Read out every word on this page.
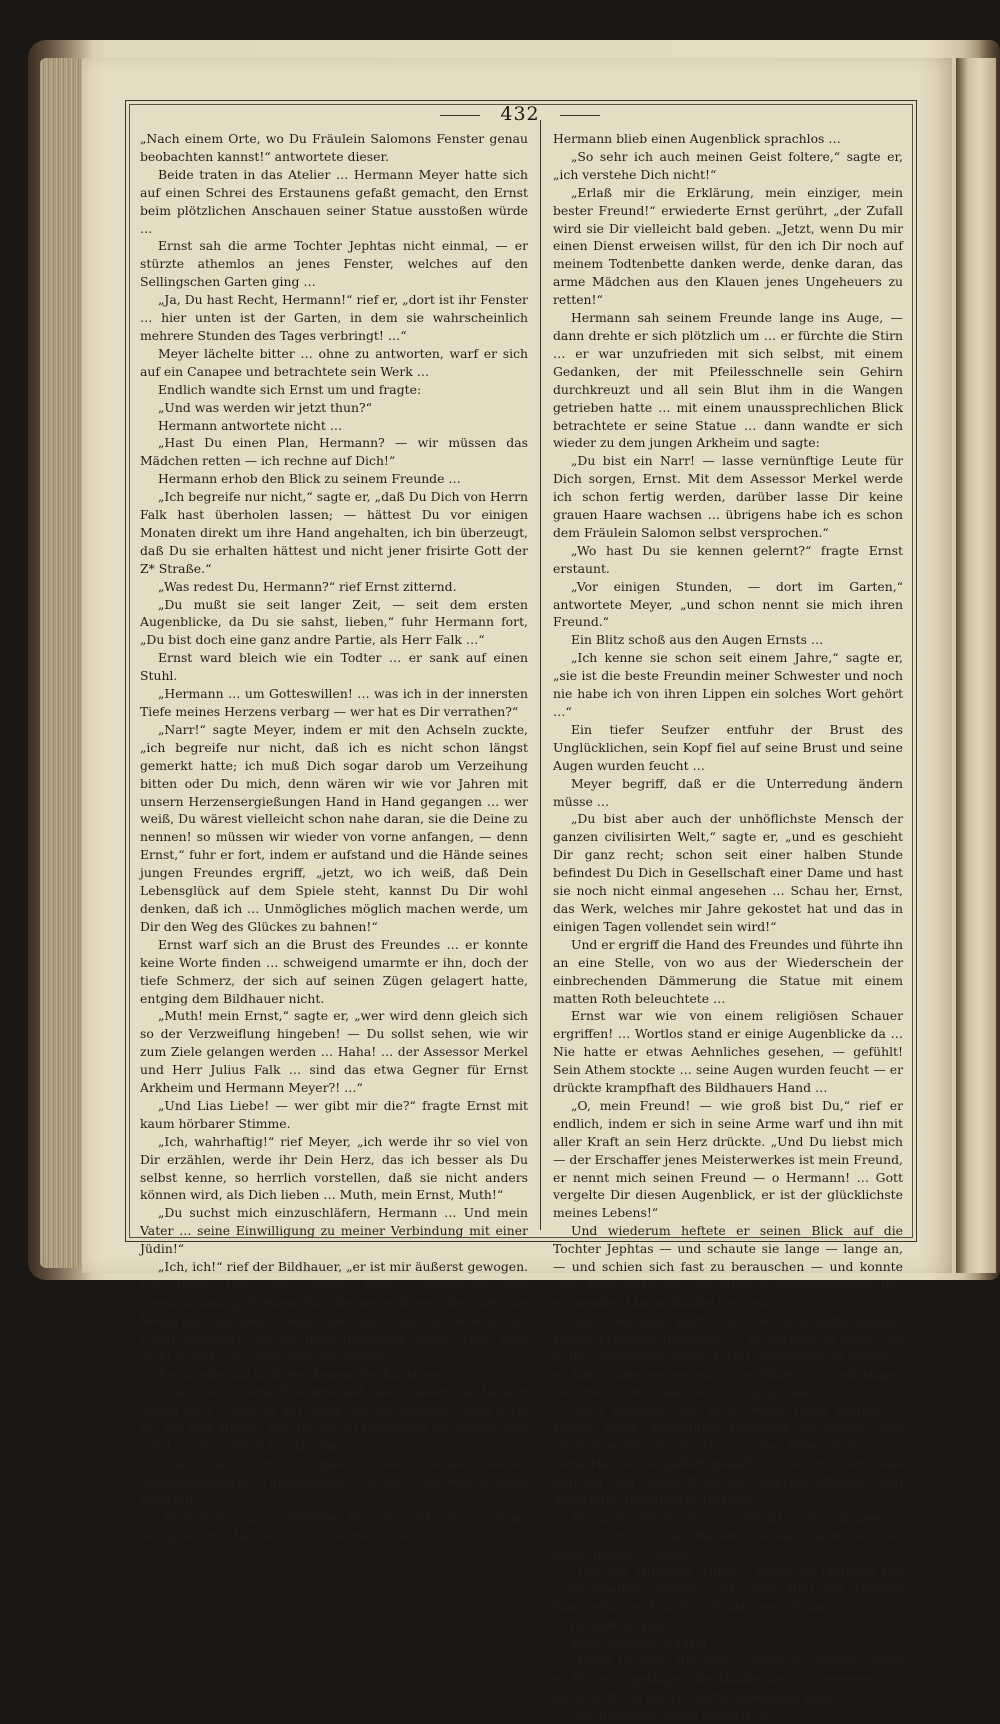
432

„Nach einem Orte, wo Du Fräulein Salomons Fenster genau beobachten kannst!“ antwortete dieser.

Beide traten in das Atelier … Hermann Meyer hatte sich auf einen Schrei des Erstaunens gefaßt gemacht, den Ernst beim plötzlichen Anschauen seiner Statue ausstoßen würde …

Ernst sah die arme Tochter Jephtas nicht einmal, — er stürzte athemlos an jenes Fenster, welches auf den Sellingschen Garten ging …

„Ja, Du hast Recht, Hermann!“ rief er, „dort ist ihr Fenster … hier unten ist der Garten, in dem sie wahrscheinlich mehrere Stunden des Tages verbringt! …“

Meyer lächelte bitter … ohne zu antworten, warf er sich auf ein Canapee und betrachtete sein Werk …

Endlich wandte sich Ernst um und fragte:

„Und was werden wir jetzt thun?“

Hermann antwortete nicht …

„Hast Du einen Plan, Hermann? — wir müssen das Mädchen retten — ich rechne auf Dich!“

Hermann erhob den Blick zu seinem Freunde …

„Ich begreife nur nicht,“ sagte er, „daß Du Dich von Herrn Falk hast überholen lassen; — hättest Du vor einigen Monaten direkt um ihre Hand angehalten, ich bin überzeugt, daß Du sie erhalten hättest und nicht jener frisirte Gott der Z* Straße.“

„Was redest Du, Hermann?“ rief Ernst zitternd.

„Du mußt sie seit langer Zeit, — seit dem ersten Augenblicke, da Du sie sahst, lieben,“ fuhr Hermann fort, „Du bist doch eine ganz andre Partie, als Herr Falk …“

Ernst ward bleich wie ein Todter … er sank auf einen Stuhl.

„Hermann … um Gotteswillen! … was ich in der innersten Tiefe meines Herzens verbarg — wer hat es Dir verrathen?“

„Narr!“ sagte Meyer, indem er mit den Achseln zuckte, „ich begreife nur nicht, daß ich es nicht schon längst gemerkt hatte; ich muß Dich sogar darob um Verzeihung bitten oder Du mich, denn wären wir wie vor Jahren mit unsern Herzensergießungen Hand in Hand gegangen … wer weiß, Du wärest vielleicht schon nahe daran, sie die Deine zu nennen! so müssen wir wieder von vorne anfangen, — denn Ernst,“ fuhr er fort, indem er aufstand und die Hände seines jungen Freundes ergriff, „jetzt, wo ich weiß, daß Dein Lebensglück auf dem Spiele steht, kannst Du Dir wohl denken, daß ich … Unmögliches möglich machen werde, um Dir den Weg des Glückes zu bahnen!“

Ernst warf sich an die Brust des Freundes … er konnte keine Worte finden … schweigend umarmte er ihn, doch der tiefe Schmerz, der sich auf seinen Zügen gelagert hatte, entging dem Bildhauer nicht.

„Muth! mein Ernst,“ sagte er, „wer wird denn gleich sich so der Verzweiflung hingeben! — Du sollst sehen, wie wir zum Ziele gelangen werden … Haha! … der Assessor Merkel und Herr Julius Falk … sind das etwa Gegner für Ernst Arkheim und Hermann Meyer?! …“

„Und Lias Liebe! — wer gibt mir die?“ fragte Ernst mit kaum hörbarer Stimme.

„Ich, wahrhaftig!“ rief Meyer, „ich werde ihr so viel von Dir erzählen, werde ihr Dein Herz, das ich besser als Du selbst kenne, so herrlich vorstellen, daß sie nicht anders können wird, als Dich lieben … Muth, mein Ernst, Muth!“

„Du suchst mich einzuschläfern, Hermann … Und mein Vater … seine Einwilligung zu meiner Verbindung mit einer Jüdin!“

„Ich, ich!“ rief der Bildhauer, „er ist mir äußerst gewogen. Ich halte ihm eine lange Rede, verspreche ihm vierundzwanzig Statuen für die neue Börse, die alle wie Menschen aussehen sollen, aber nicht wie die, welche das Lokal bevölkern. So sei doch gescheidt, Ernst! rege Dich nicht so auf … es wird alles gut werden …“

Ernst entwand sich den Armen des Künstlers.

„Und wenn Deine Freundschaft alle Hindernisse besiegt haben wird,“ sagte er mit tiefer, ernster Stimme, „dann wirst Du auf eins stoßen, das Du nie zu beseitigen im Stande sein wirst … nie — hörst Du, Hermann? — nie!“

„Und darf ich wenigstens den Namen dieses unübersteigbaren Chimborassos wissen?“ erwiederte jener lächelnd.

„Mein fester, unumstößlicher Vorsatz, mich nie … und am wenigsten mit Lia Salomon zu verheirathen.“

Hermann blieb einen Augenblick sprachlos …

„So sehr ich auch meinen Geist foltere,“ sagte er, „ich verstehe Dich nicht!“

„Erlaß mir die Erklärung, mein einziger, mein bester Freund!“ erwiederte Ernst gerührt, „der Zufall wird sie Dir vielleicht bald geben. „Jetzt, wenn Du mir einen Dienst erweisen willst, für den ich Dir noch auf meinem Todtenbette danken werde, denke daran, das arme Mädchen aus den Klauen jenes Ungeheuers zu retten!“

Hermann sah seinem Freunde lange ins Auge, — dann drehte er sich plötzlich um … er fürchte die Stirn … er war unzufrieden mit sich selbst, mit einem Gedanken, der mit Pfeilesschnelle sein Gehirn durchkreuzt und all sein Blut ihm in die Wangen getrieben hatte … mit einem unaussprechlichen Blick betrachtete er seine Statue … dann wandte er sich wieder zu dem jungen Arkheim und sagte:

„Du bist ein Narr! — lasse vernünftige Leute für Dich sorgen, Ernst. Mit dem Assessor Merkel werde ich schon fertig werden, darüber lasse Dir keine grauen Haare wachsen … übrigens habe ich es schon dem Fräulein Salomon selbst versprochen.“

„Wo hast Du sie kennen gelernt?“ fragte Ernst erstaunt.

„Vor einigen Stunden, — dort im Garten,“ antwortete Meyer, „und schon nennt sie mich ihren Freund.“

Ein Blitz schoß aus den Augen Ernsts …

„Ich kenne sie schon seit einem Jahre,“ sagte er, „sie ist die beste Freundin meiner Schwester und noch nie habe ich von ihren Lippen ein solches Wort gehört …“

Ein tiefer Seufzer entfuhr der Brust des Unglücklichen, sein Kopf fiel auf seine Brust und seine Augen wurden feucht …

Meyer begriff, daß er die Unterredung ändern müsse …

„Du bist aber auch der unhöflichste Mensch der ganzen civilisirten Welt,“ sagte er, „und es geschieht Dir ganz recht; schon seit einer halben Stunde befindest Du Dich in Gesellschaft einer Dame und hast sie noch nicht einmal angesehen … Schau her, Ernst, das Werk, welches mir Jahre gekostet hat und das in einigen Tagen vollendet sein wird!“

Und er ergriff die Hand des Freundes und führte ihn an eine Stelle, von wo aus der Wiederschein der einbrechenden Dämmerung die Statue mit einem matten Roth beleuchtete …

Ernst war wie von einem religiösen Schauer ergriffen! … Wortlos stand er einige Augenblicke da … Nie hatte er etwas Aehnliches gesehen, — gefühlt! Sein Athem stockte … seine Augen wurden feucht — er drückte krampfhaft des Bildhauers Hand …

„O, mein Freund! — wie groß bist Du,“ rief er endlich, indem er sich in seine Arme warf und ihn mit aller Kraft an sein Herz drückte. „Und Du liebst mich — der Erschaffer jenes Meisterwerkes ist mein Freund, er nennt mich seinen Freund — o Hermann! … Gott vergelte Dir diesen Augenblick, er ist der glücklichste meines Lebens!“

Und wiederum heftete er seinen Blick auf die Tochter Jephtas — und schaute sie lange — lange an, — und schien sich fast zu berauschen — und konnte sein Auge nicht von den edlen Schmerzenszügen des weinenden Marmorbildes trennen!

Auch Hermann fühlte sich bei dem Enthusiasmus seines Freundes glücklich, — er bereute es nicht, ihn in das Geheimniß seiner Arbeit eingeweiht zu haben … er hatte alles vergessen, … er fühlte sich seit langer Zeit zum ersten Male recht innig glücklich.

Doch plötzlich ließ Ernst seine Hand fahren, — schien einen Augenblick furchtbar zu leiden, sein Gesicht wurde feuerroth — seine Züge verzerrt, — seine Hände krampfhaft geballt … und mit einem Male entrang sich seiner Brust ein mehrere Minuten lang dauernder, furchtbarer Husten!

Hermann führte ihn erschreckt zum Canapee … reichte ihm ein Glas Wasser und bald hatte sich der Anfall gelegt … Doch …

„Um des Himmels willen!“ schrie er plötzlich mit schreckhafter Stimme, „ich sehe Blut auf Deinem Taschentuche, Ernst! … Ernst, was ist das? … sprich! … Du hustest Blut! …“

Ernst lächelte traurig …

„Weißt Du nun, Hermann,“ sagte er, „warum, wenn es Dir auch gelänge, alle Hindernisse zu besiegen, ich doch nicht Lia zur Gefährtin annehmen kann?!“

Der Bildhauer stand erstarrt da!
